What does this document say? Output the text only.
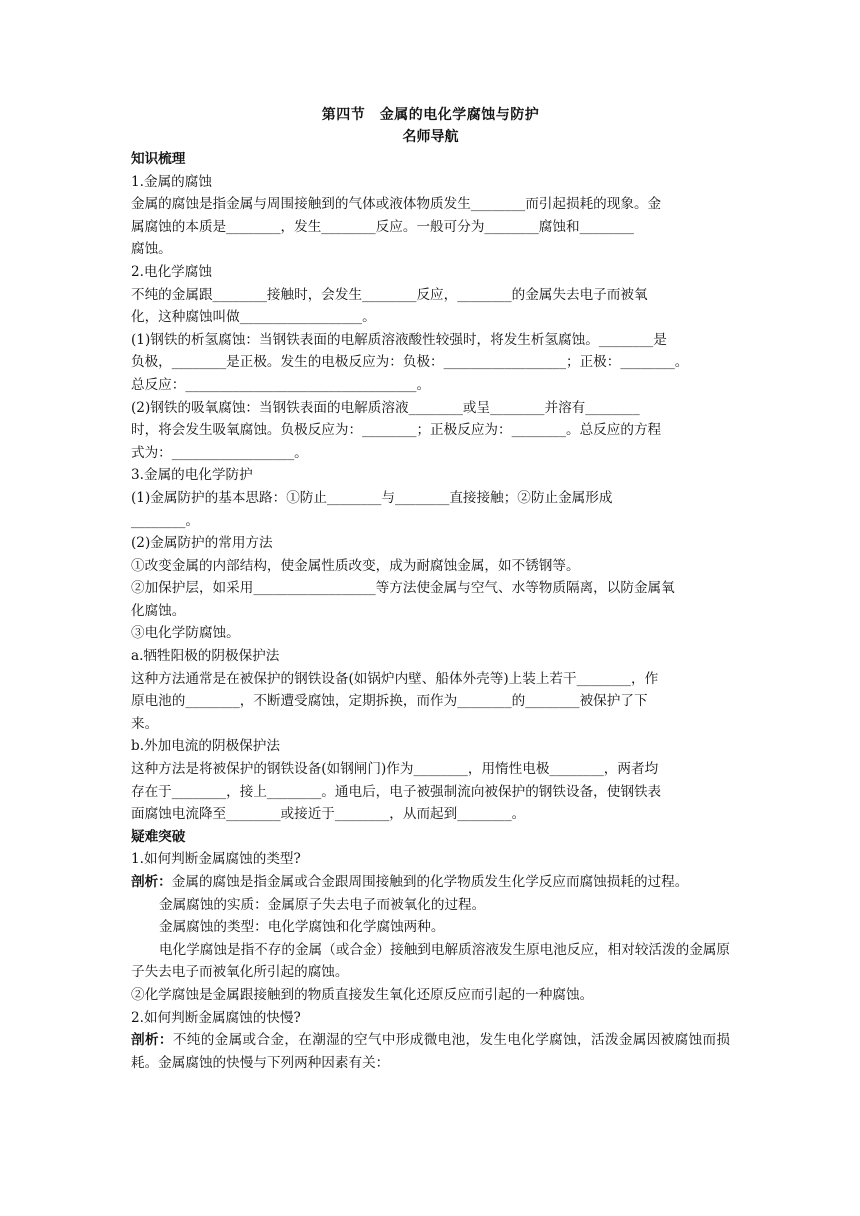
第四节　金属的电化学腐蚀与防护
名师导航
知识梳理
1.金属的腐蚀
金属的腐蚀是指金属与周围接触到的气体或液体物质发生________而引起损耗的现象。金
属腐蚀的本质是________，发生________反应。一般可分为________腐蚀和________
腐蚀。
2.电化学腐蚀
不纯的金属跟________接触时，会发生________反应，________的金属失去电子而被氧
化，这种腐蚀叫做__________________。
(1)钢铁的析氢腐蚀：当钢铁表面的电解质溶液酸性较强时，将发生析氢腐蚀。________是
负极，________是正极。发生的电极反应为：负极：__________________；正极：________。
总反应：__________________________________。
(2)钢铁的吸氧腐蚀：当钢铁表面的电解质溶液________或呈________并溶有________
时，将会发生吸氧腐蚀。负极反应为：________；正极反应为：________。总反应的方程
式为：__________________。
3.金属的电化学防护
(1)金属防护的基本思路：①防止________与________直接接触；②防止金属形成
________。
(2)金属防护的常用方法
①改变金属的内部结构，使金属性质改变，成为耐腐蚀金属，如不锈钢等。
②加保护层，如采用__________________等方法使金属与空气、水等物质隔离，以防金属氧
化腐蚀。
③电化学防腐蚀。
a.牺牲阳极的阴极保护法
这种方法通常是在被保护的钢铁设备(如锅炉内壁、船体外壳等)上装上若干________，作
原电池的________，不断遭受腐蚀，定期拆换，而作为________的________被保护了下
来。
b.外加电流的阴极保护法
这种方法是将被保护的钢铁设备(如钢闸门)作为________，用惰性电极________，两者均
存在于________，接上________。通电后，电子被强制流向被保护的钢铁设备，使钢铁表
面腐蚀电流降至________或接近于________，从而起到________。
疑难突破
1.如何判断金属腐蚀的类型?
剖析：金属的腐蚀是指金属或合金跟周围接触到的化学物质发生化学反应而腐蚀损耗的过程。
金属腐蚀的实质：金属原子失去电子而被氧化的过程。
金属腐蚀的类型：电化学腐蚀和化学腐蚀两种。
电化学腐蚀是指不存的金属（或合金）接触到电解质溶液发生原电池反应，相对较活泼的金属原子失去电子而被氧化所引起的腐蚀。
②化学腐蚀是金属跟接触到的物质直接发生氧化还原反应而引起的一种腐蚀。
2.如何判断金属腐蚀的快慢?
剖析：不纯的金属或合金，在潮湿的空气中形成微电池，发生电化学腐蚀，活泼金属因被腐蚀而损耗。金属腐蚀的快慢与下列两种因素有关：
